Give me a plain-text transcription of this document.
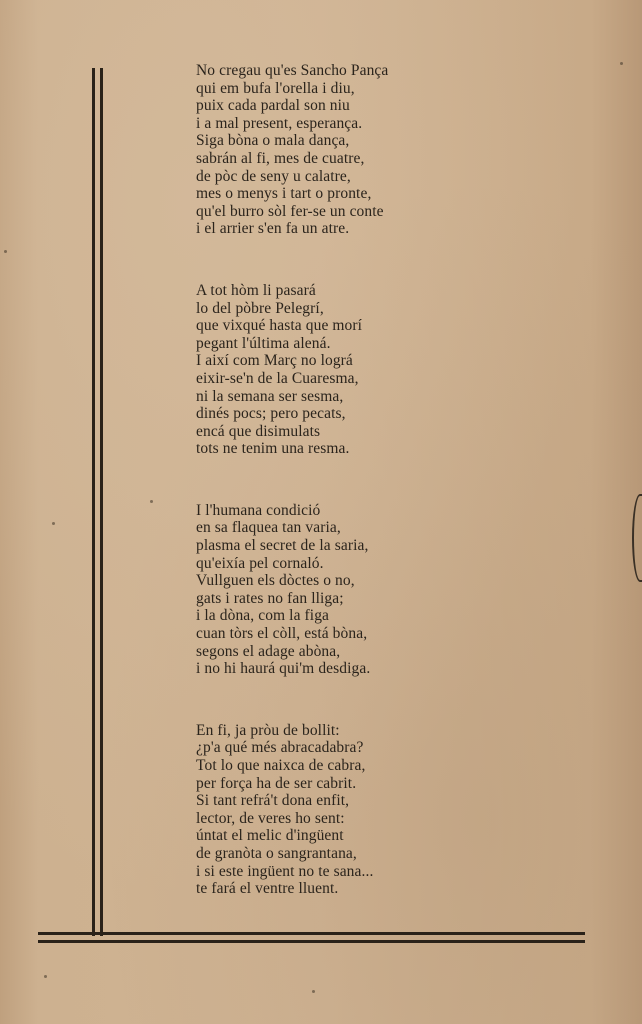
No cregau qu'es Sancho Pança
qui em bufa l'orella i diu,
puix cada pardal son niu
i a mal present, esperança.
Siga bòna o mala dança,
sabrán al fi, mes de cuatre,
de pòc de seny u calatre,
mes o menys i tart o pronte,
qu'el burro sòl fer-se un conte
i el arrier s'en fa un atre.
A tot hòm li pasará
lo del pòbre Pelegrí,
que vixqué hasta que morí
pegant l'última alená.
I així com Març no lográ
eixir-se'n de la Cuaresma,
ni la semana ser sesma,
dinés pocs; pero pecats,
encá que disimulats
tots ne tenim una resma.
I l'humana condició
en sa flaquea tan varia,
plasma el secret de la saria,
qu'eixía pel cornaló.
Vullguen els dòctes o no,
gats i rates no fan lliga;
i la dòna, com la figa
cuan tòrs el còll, está bòna,
segons el adage abòna,
i no hi haurá qui'm desdiga.
En fi, ja pròu de bollit:
¿p'a qué més abracadabra?
Tot lo que naixca de cabra,
per força ha de ser cabrit.
Si tant refrá't dona enfit,
lector, de veres ho sent:
úntat el melic d'ingüent
de granòta o sangrantana,
i si este ingüent no te sana...
te fará el ventre lluent.
